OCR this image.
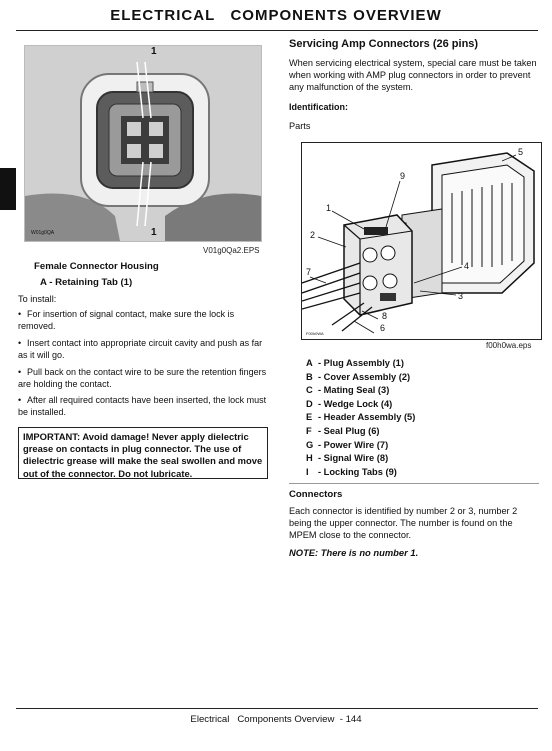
ELECTRICAL   COMPONENTS OVERVIEW
1
1
W01g0QA
V01g0Qa2.EPS
Female Connector Housing
A - Retaining Tab (1)
To install:
• For insertion of signal contact, make sure the lock is removed.
• Insert contact into appropriate circuit cavity and push as far as it will go.
• Pull back on the contact wire to be sure the retention fingers are holding the contact.
• After all required contacts have been inserted, the lock must be installed.
IMPORTANT: Avoid damage! Never apply dielectric grease on contacts in plug connector. The use of dielectric grease will make the seal swollen and move out of the connector. Do not lubricate.
Servicing Amp Connectors (26 pins)
When servicing electrical system, special care must be taken when working with AMP plug connectors in order to prevent any malfunction of the system.
Identification:
Parts
1
2
3
4
5
6
7
8
9
F00h0WA
f00h0wa.eps
A - Plug Assembly (1)
B - Cover Assembly (2)
C - Mating Seal (3)
D - Wedge Lock (4)
E - Header Assembly (5)
F - Seal Plug (6)
G - Power Wire (7)
H - Signal Wire (8)
I - Locking Tabs (9)
Connectors
Each connector is identified by number 2 or 3, number 2 being the upper connector. The number is found on the MPEM close to the connector.
NOTE: There is no number 1.
Electrical   Components Overview  - 144
